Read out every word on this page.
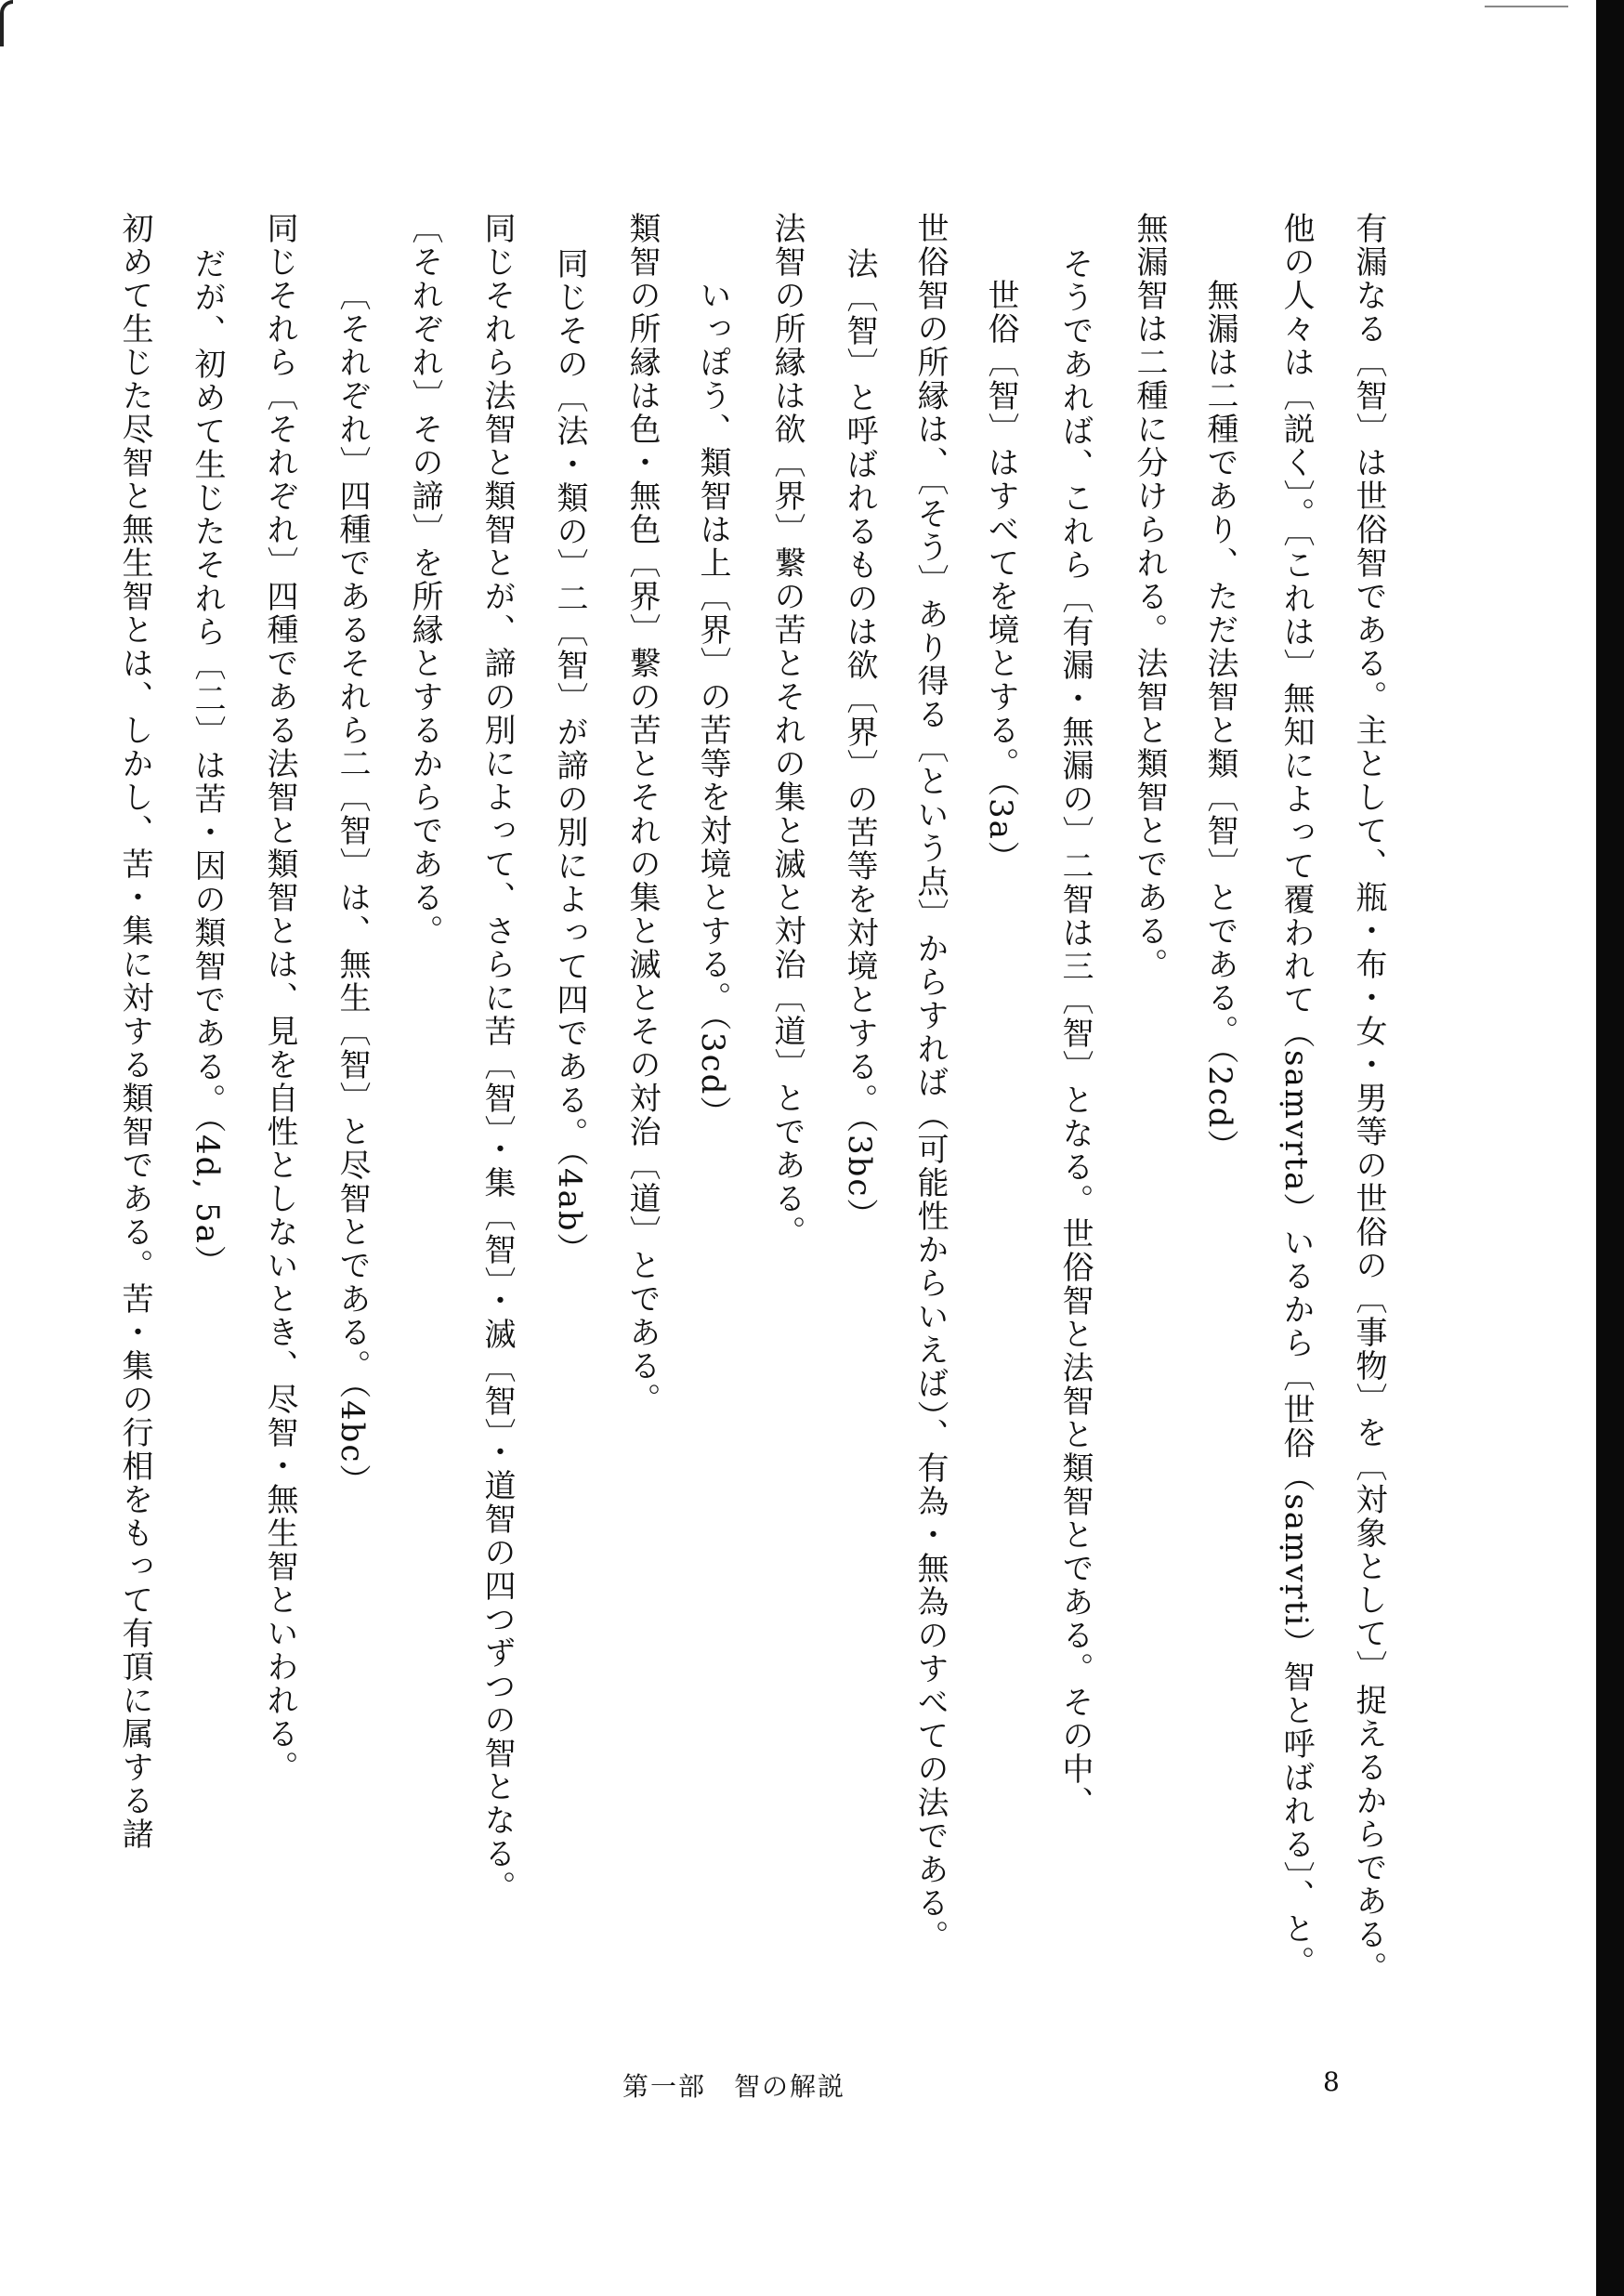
有漏なる〔智〕は世俗智である。主として、瓶・布・女・男等の世俗の〔事物〕を〔対象として〕捉えるからである。
他の人々は〔説く〕。〔これは〕無知によって覆われて（saṃvṛta）いるから〔世俗（saṃvṛti）智と呼ばれる〕、と。
無漏は二種であり、ただ法智と類〔智〕とである。（2cd）
無漏智は二種に分けられる。法智と類智とである。
そうであれば、これら〔有漏・無漏の〕二智は三〔智〕となる。世俗智と法智と類智とである。その中、
世俗〔智〕はすべてを境とする。（3a）
世俗智の所縁は、〔そう〕あり得る〔という点〕からすれば（可能性からいえば）、有為・無為のすべての法である。
法〔智〕と呼ばれるものは欲〔界〕の苦等を対境とする。（3bc）
法智の所縁は欲〔界〕繋の苦とそれの集と滅と対治〔道〕とである。
いっぽう、類智は上〔界〕の苦等を対境とする。（3cd）
類智の所縁は色・無色〔界〕繋の苦とそれの集と滅とその対治〔道〕とである。
同じその〔法・類の〕二〔智〕が諦の別によって四である。（4ab）
同じそれら法智と類智とが、諦の別によって、さらに苦〔智〕・集〔智〕・滅〔智〕・道智の四つずつの智となる。
〔それぞれ〕その諦〕を所縁とするからである。
〔それぞれ〕四種であるそれら二〔智〕は、無生〔智〕と尽智とである。（4bc）
同じそれら〔それぞれ〕四種である法智と類智とは、見を自性としないとき、尽智・無生智といわれる。
だが、初めて生じたそれら〔二〕は苦・因の類智である。（4d, 5a）
初めて生じた尽智と無生智とは、しかし、苦・集に対する類智である。苦・集の行相をもって有頂に属する諸
第一部　智の解説	8
